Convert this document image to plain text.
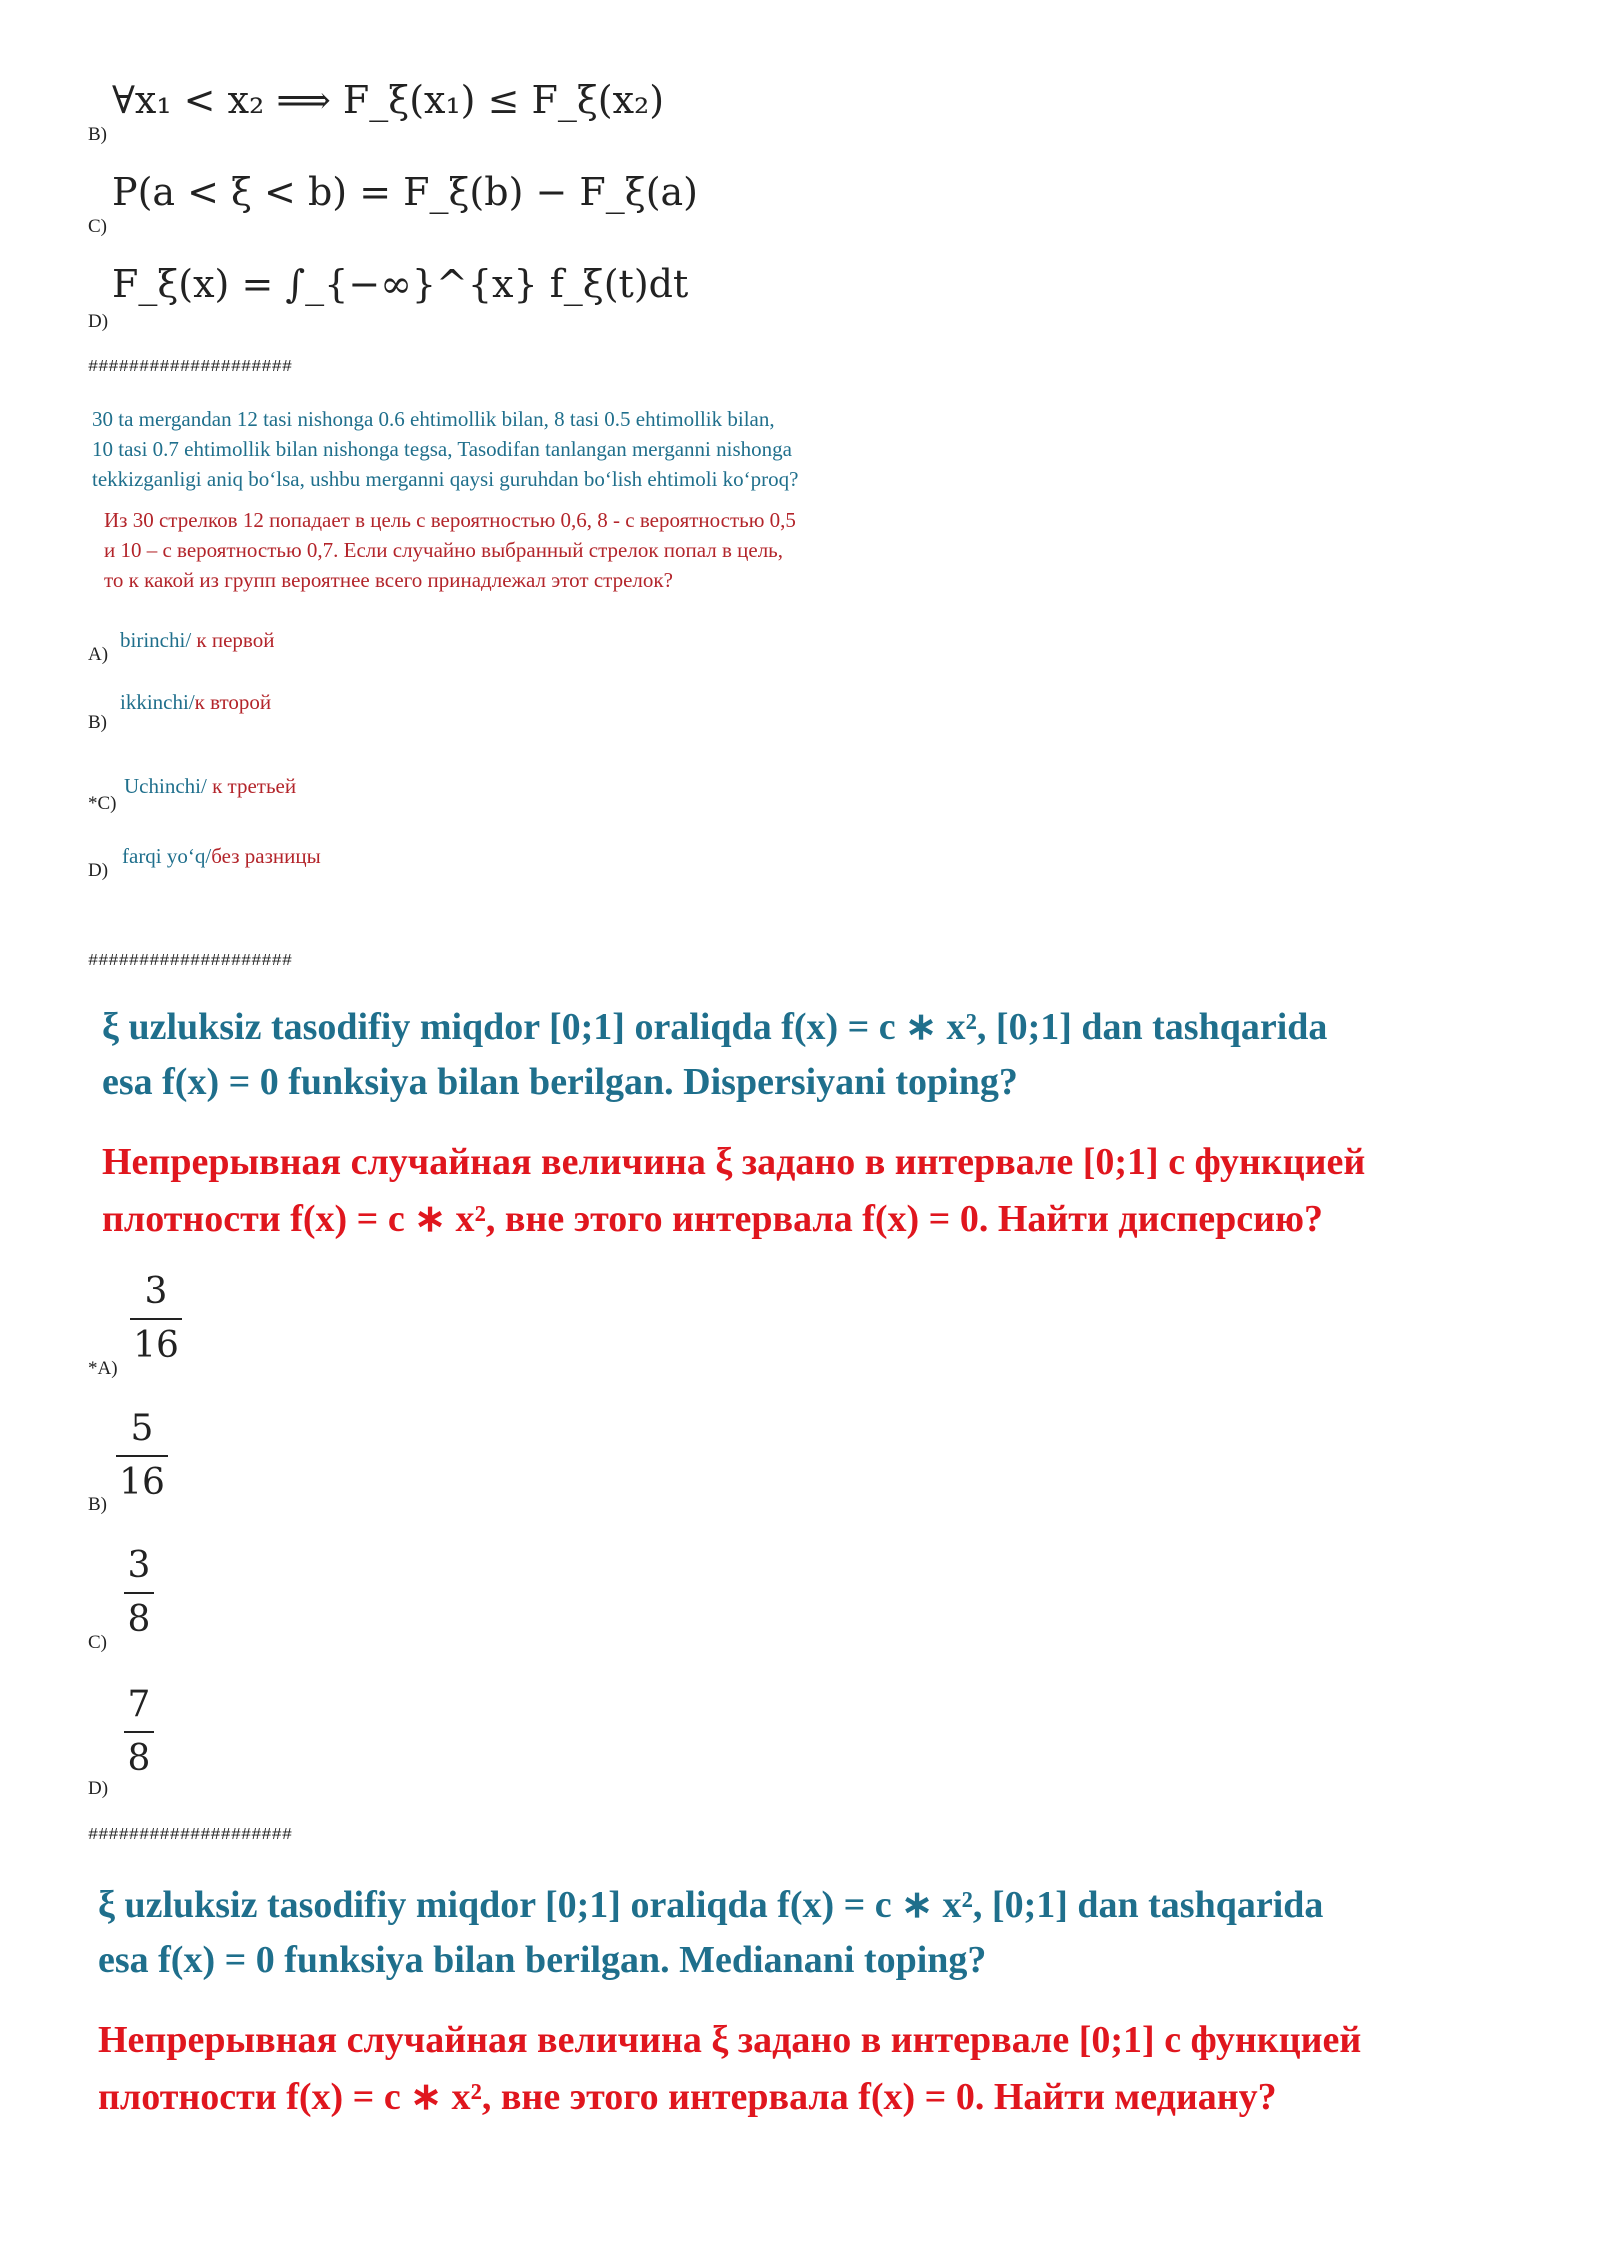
B)
∀x₁ < x₂ ⟹ F_ξ(x₁) ≤ F_ξ(x₂)
C)
P(a < ξ < b) = F_ξ(b) − F_ξ(a)
D)
F_ξ(x) = ∫_{−∞}^{x} f_ξ(t)dt
####################
30 ta mergandan 12 tasi nishonga 0.6 ehtimollik bilan, 8 tasi 0.5 ehtimollik bilan,
10 tasi 0.7 ehtimollik bilan nishonga tegsa, Tasodifan tanlangan merganni nishonga
tekkizganligi aniq bo‘lsa, ushbu merganni qaysi guruhdan bo‘lish ehtimoli ko‘proq?
Из 30 стрелков 12 попадает в цель с вероятностью 0,6, 8 - с вероятностью 0,5
и 10 – с вероятностью 0,7. Если случайно выбранный стрелок попал в цель,
то к какой из групп вероятнее всего принадлежал этот стрелок?
A)
birinchi/ к первой
B)
ikkinchi/к второй
*C)
Uchinchi/ к третьей
D)
farqi yo‘q/без разницы
####################
ξ uzluksiz tasodifiy miqdor [0;1] oraliqda f(x) = c ∗ x², [0;1] dan tashqarida
esa f(x) = 0 funksiya bilan berilgan. Dispersiyani toping?
Непрерывная случайная величина ξ задано в интервале [0;1] с функцией
плотности f(x) = c ∗ x², вне этого интервала f(x) = 0. Найти дисперсию?
*A)
3
16
B)
5
16
C)
3
8
D)
7
8
####################
ξ uzluksiz tasodifiy miqdor [0;1] oraliqda f(x) = c ∗ x², [0;1] dan tashqarida
esa f(x) = 0 funksiya bilan berilgan. Medianani toping?
Непрерывная случайная величина ξ задано в интервале [0;1] с функцией
плотности f(x) = c ∗ x², вне этого интервала f(x) = 0. Найти медиану?
